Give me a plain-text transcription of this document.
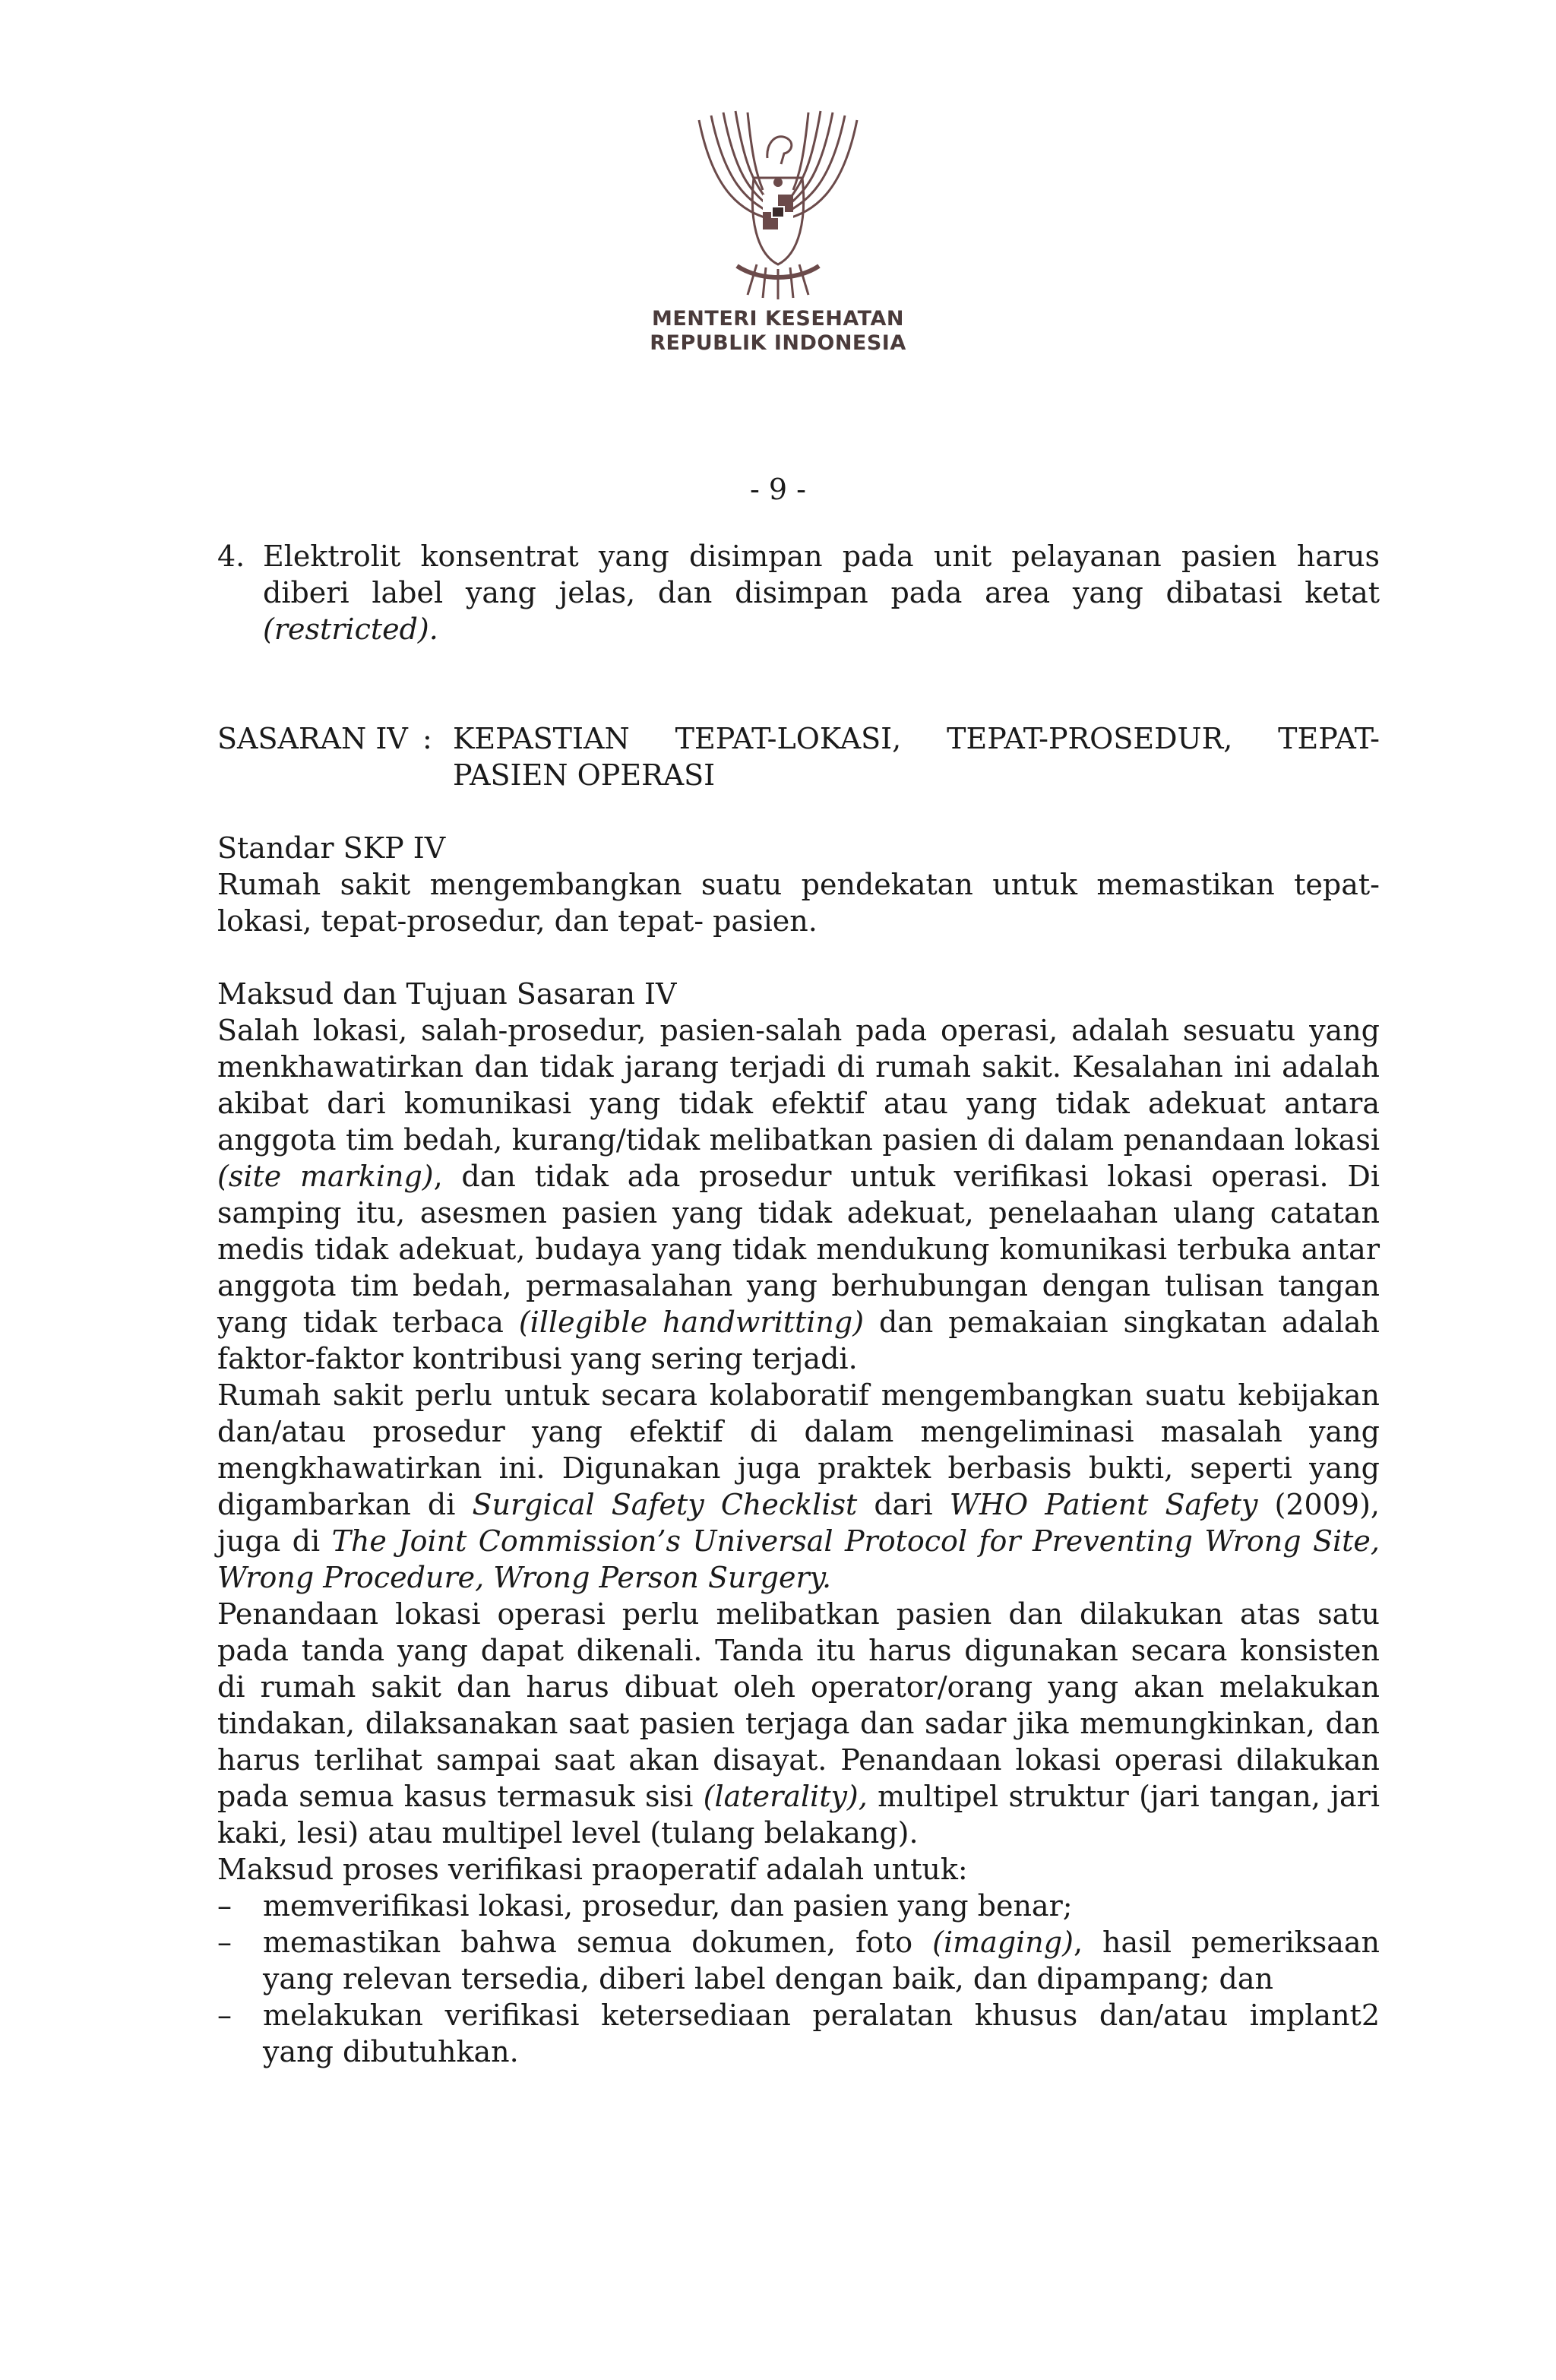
MENTERI KESEHATAN
REPUBLIK INDONESIA
- 9 -
4. Elektrolit konsentrat yang disimpan pada unit pelayanan pasien harus diberi label yang jelas, dan disimpan pada area yang dibatasi ketat (restricted).
SASARAN IV : KEPASTIAN TEPAT-LOKASI, TEPAT-PROSEDUR, TEPAT-PASIEN OPERASI

Standar SKP IV

Rumah sakit mengembangkan suatu pendekatan untuk memastikan tepat-lokasi, tepat-prosedur, dan tepat- pasien.

Maksud dan Tujuan Sasaran IV

Salah lokasi, salah-prosedur, pasien-salah pada operasi, adalah sesuatu yang menkhawatirkan dan tidak jarang terjadi di rumah sakit. Kesalahan ini adalah akibat dari komunikasi yang tidak efektif atau yang tidak adekuat antara anggota tim bedah, kurang/tidak melibatkan pasien di dalam penandaan lokasi (site marking), dan tidak ada prosedur untuk verifikasi lokasi operasi. Di samping itu, asesmen pasien yang tidak adekuat, penelaahan ulang catatan medis tidak adekuat, budaya yang tidak mendukung komunikasi terbuka antar anggota tim bedah, permasalahan yang berhubungan dengan tulisan tangan yang tidak terbaca (illegible handwritting) dan pemakaian singkatan adalah faktor-faktor kontribusi yang sering terjadi.

Rumah sakit perlu untuk secara kolaboratif mengembangkan suatu kebijakan dan/atau prosedur yang efektif di dalam mengeliminasi masalah yang mengkhawatirkan ini. Digunakan juga praktek berbasis bukti, seperti yang digambarkan di Surgical Safety Checklist dari WHO Patient Safety (2009), juga di The Joint Commission’s Universal Protocol for Preventing Wrong Site, Wrong Procedure, Wrong Person Surgery.

Penandaan lokasi operasi perlu melibatkan pasien dan dilakukan atas satu pada tanda yang dapat dikenali. Tanda itu harus digunakan secara konsisten di rumah sakit dan harus dibuat oleh operator/orang yang akan melakukan tindakan, dilaksanakan saat pasien terjaga dan sadar jika memungkinkan, dan harus terlihat sampai saat akan disayat. Penandaan lokasi operasi dilakukan pada semua kasus termasuk sisi (laterality), multipel struktur (jari tangan, jari kaki, lesi) atau multipel level (tulang belakang).

Maksud proses verifikasi praoperatif adalah untuk:

– memverifikasi lokasi, prosedur, dan pasien yang benar;
– memastikan bahwa semua dokumen, foto (imaging), hasil pemeriksaan yang relevan tersedia, diberi label dengan baik, dan dipampang; dan
– melakukan verifikasi ketersediaan peralatan khusus dan/atau implant2 yang dibutuhkan.
